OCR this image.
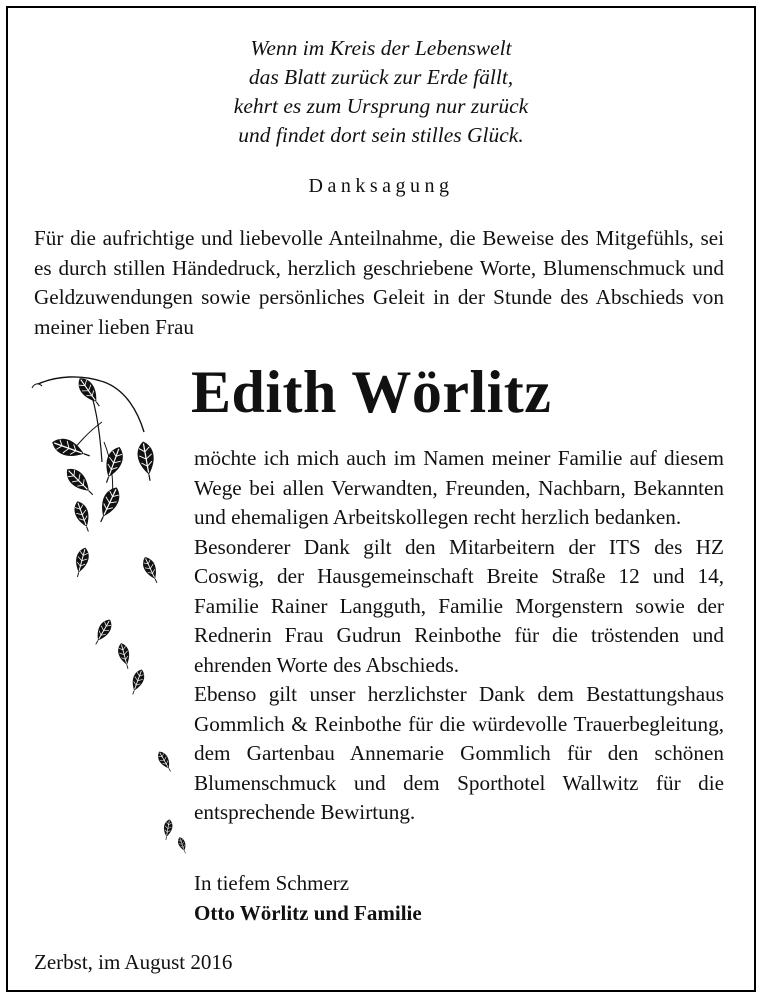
Wenn im Kreis der Lebenswelt
das Blatt zurück zur Erde fällt,
kehrt es zum Ursprung nur zurück
und findet dort sein stilles Glück.
Danksagung
Für die aufrichtige und liebevolle Anteilnahme, die Beweise des Mitgefühls, sei es durch stillen Händedruck, herzlich geschriebene Worte, Blumenschmuck und Geldzuwendungen sowie persönliches Geleit in der Stunde des Abschieds von meiner lieben Frau
Edith Wörlitz

möchte ich mich auch im Namen meiner Familie auf diesem Wege bei allen Verwandten, Freunden, Nachbarn, Bekannten und ehemaligen Arbeitskollegen recht herzlich bedanken.

Besonderer Dank gilt den Mitarbeitern der ITS des HZ Coswig, der Hausgemeinschaft Breite Straße 12 und 14, Familie Rainer Langguth, Familie Morgenstern sowie der Rednerin Frau Gudrun Reinbothe für die tröstenden und ehrenden Worte des Abschieds.

Ebenso gilt unser herzlichster Dank dem Bestattungshaus Gommlich & Reinbothe für die würdevolle Trauerbegleitung, dem Gartenbau Annemarie Gommlich für den schönen Blumenschmuck und dem Sporthotel Wallwitz für die entsprechende Bewirtung.

In tiefem Schmerz
Otto Wörlitz und Familie
Zerbst, im August 2016
